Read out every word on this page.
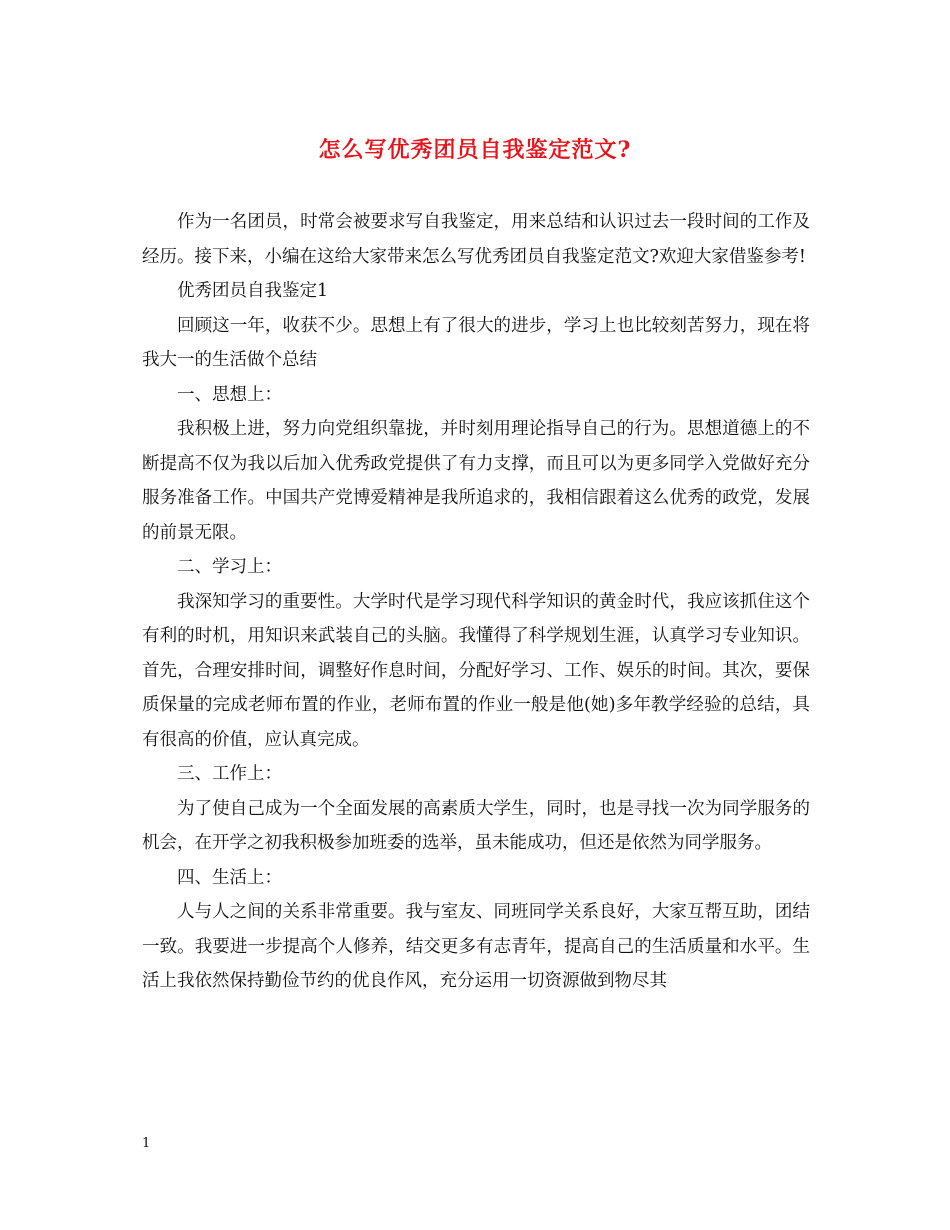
怎么写优秀团员自我鉴定范文?

作为一名团员，时常会被要求写自我鉴定，用来总结和认识过去一段时间的工作及经历。接下来，小编在这给大家带来怎么写优秀团员自我鉴定范文?欢迎大家借鉴参考!

优秀团员自我鉴定1

回顾这一年，收获不少。思想上有了很大的进步，学习上也比较刻苦努力，现在将我大一的生活做个总结

一、思想上：

我积极上进，努力向党组织靠拢，并时刻用理论指导自己的行为。思想道德上的不断提高不仅为我以后加入优秀政党提供了有力支撑，而且可以为更多同学入党做好充分服务准备工作。中国共产党博爱精神是我所追求的，我相信跟着这么优秀的政党，发展的前景无限。

二、学习上：

我深知学习的重要性。大学时代是学习现代科学知识的黄金时代，我应该抓住这个有利的时机，用知识来武装自己的头脑。我懂得了科学规划生涯，认真学习专业知识。首先，合理安排时间，调整好作息时间，分配好学习、工作、娱乐的时间。其次，要保质保量的完成老师布置的作业，老师布置的作业一般是他(她)多年教学经验的总结，具有很高的价值，应认真完成。

三、工作上：

为了使自己成为一个全面发展的高素质大学生，同时，也是寻找一次为同学服务的机会，在开学之初我积极参加班委的选举，虽未能成功，但还是依然为同学服务。

四、生活上：

人与人之间的关系非常重要。我与室友、同班同学关系良好，大家互帮互助，团结一致。我要进一步提高个人修养，结交更多有志青年，提高自己的生活质量和水平。生活上我依然保持勤俭节约的优良作风，充分运用一切资源做到物尽其

1
